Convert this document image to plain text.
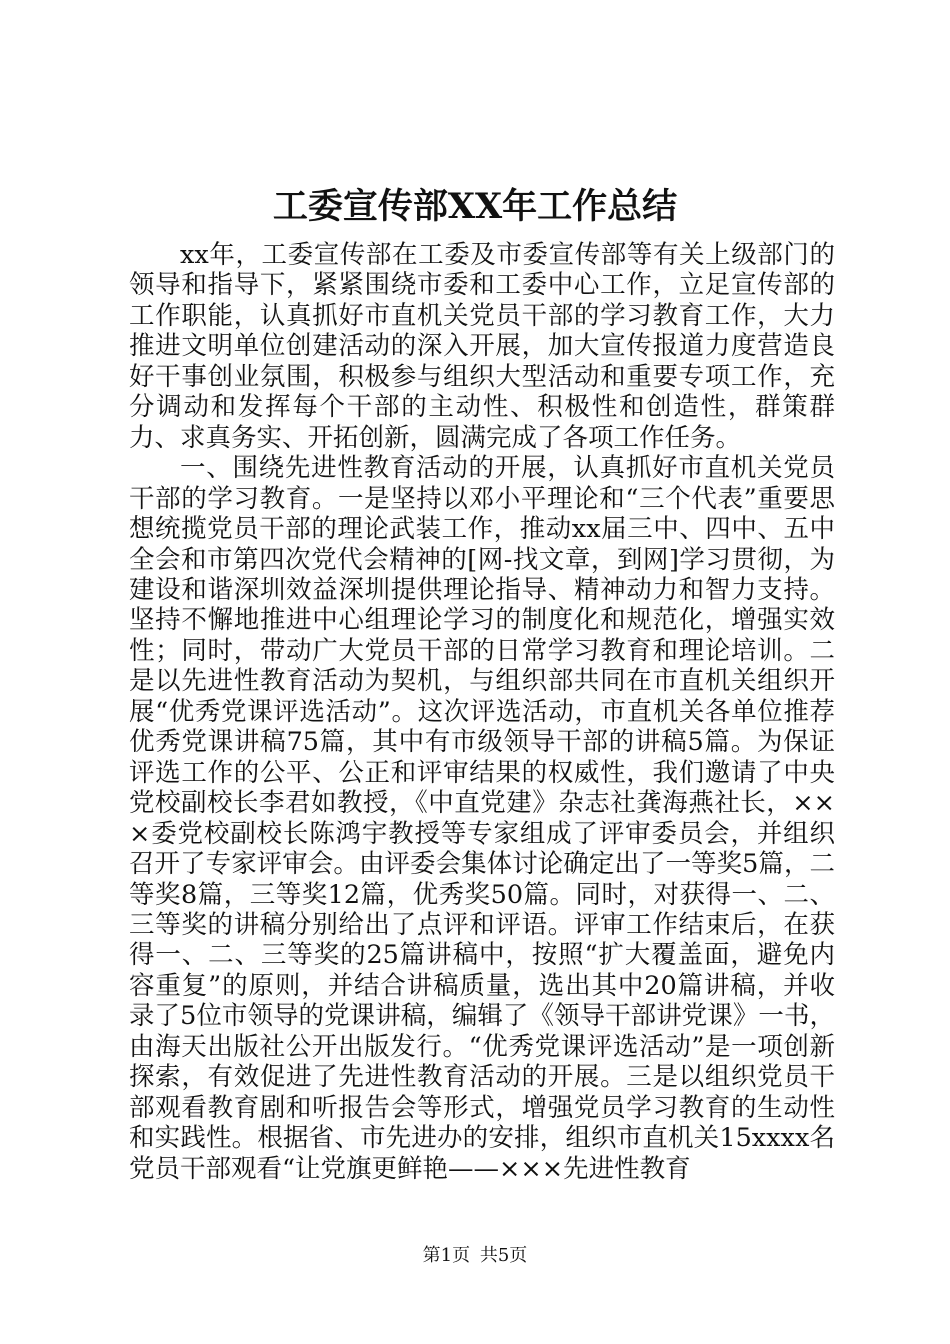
工委宣传部XX年工作总结

xx年，工委宣传部在工委及市委宣传部等有关上级部门的领导和指导下，紧紧围绕市委和工委中心工作，立足宣传部的工作职能，认真抓好市直机关党员干部的学习教育工作，大力推进文明单位创建活动的深入开展，加大宣传报道力度营造良好干事创业氛围，积极参与组织大型活动和重要专项工作，充分调动和发挥每个干部的主动性、积极性和创造性，群策群力、求真务实、开拓创新，圆满完成了各项工作任务。

一、围绕先进性教育活动的开展，认真抓好市直机关党员干部的学习教育。一是坚持以邓小平理论和“三个代表”重要思想统揽党员干部的理论武装工作，推动xx届三中、四中、五中全会和市第四次党代会精神的[网-找文章，到网]学习贯彻，为建设和谐深圳效益深圳提供理论指导、精神动力和智力支持。坚持不懈地推进中心组理论学习的制度化和规范化，增强实效性；同时，带动广大党员干部的日常学习教育和理论培训。二是以先进性教育活动为契机，与组织部共同在市直机关组织开展“优秀党课评选活动”。这次评选活动，市直机关各单位推荐优秀党课讲稿75篇，其中有市级领导干部的讲稿5篇。为保证评选工作的公平、公正和评审结果的权威性，我们邀请了中央党校副校长李君如教授，《中直党建》杂志社龚海燕社长，×××委党校副校长陈鸿宇教授等专家组成了评审委员会，并组织召开了专家评审会。由评委会集体讨论确定出了一等奖5篇，二等奖8篇，三等奖12篇，优秀奖50篇。同时，对获得一、二、三等奖的讲稿分别给出了点评和评语。评审工作结束后，在获得一、二、三等奖的25篇讲稿中，按照“扩大覆盖面，避免内容重复”的原则，并结合讲稿质量，选出其中20篇讲稿，并收录了5位市领导的党课讲稿，编辑了《领导干部讲党课》一书，由海天出版社公开出版发行。“优秀党课评选活动”是一项创新探索，有效促进了先进性教育活动的开展。三是以组织党员干部观看教育剧和听报告会等形式，增强党员学习教育的生动性和实践性。根据省、市先进办的安排，组织市直机关15xxxx名党员干部观看“让党旗更鲜艳——×××先进性教育

第1页 共5页
